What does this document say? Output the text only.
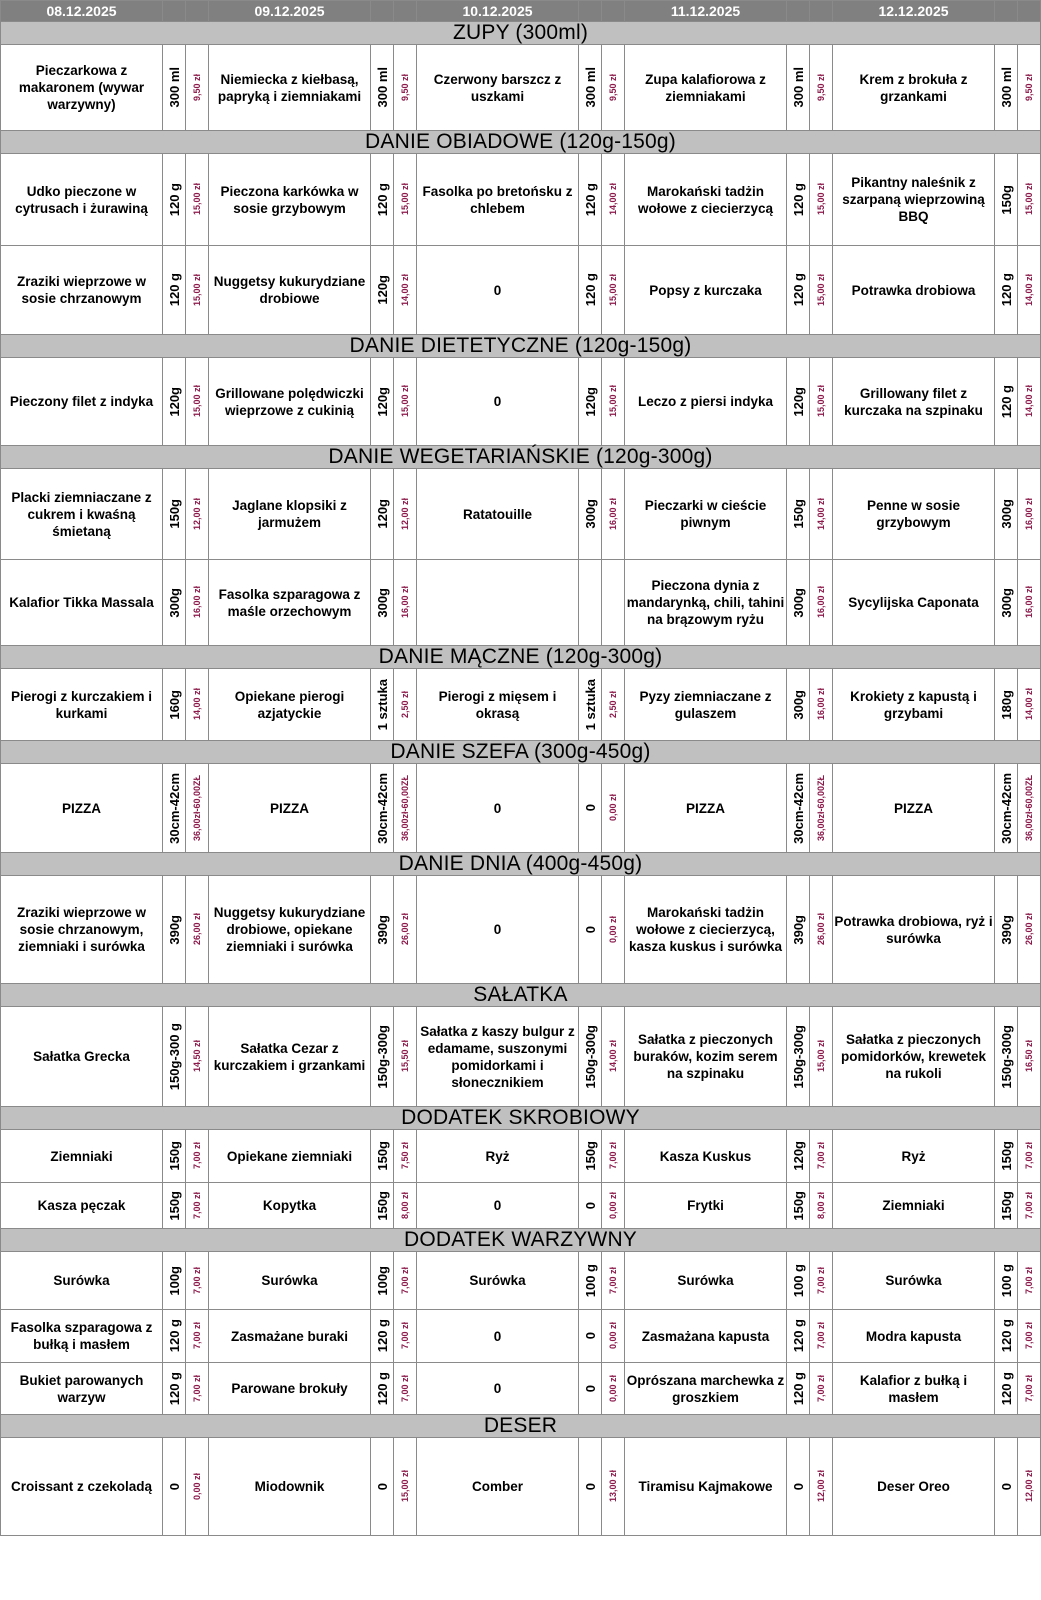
08.12.2025			09.12.2025			10.12.2025			11.12.2025			12.12.2025		
ZUPY (300ml)														
Pieczarkowa z makaronem (wywar warzywny)	300 ml	9,50 zł	Niemiecka z kiełbasą, papryką i ziemniakami	300 ml	9,50 zł	Czerwony barszcz z uszkami	300 ml	9,50 zł	Zupa kalafiorowa z ziemniakami	300 ml	9,50 zł	Krem z brokuła z grzankami	300 ml	9,50 zł

DANIE OBIADOWE (120g-150g)														
Udko pieczone w cytrusach i żurawiną	120 g	15,00 zł	Pieczona karkówka w sosie grzybowym	120 g	15,00 zł	Fasolka po bretońsku z chlebem	120 g	14,00 zł	Marokański tadżin wołowe z ciecierzycą	120 g	15,00 zł	Pikantny naleśnik z szarpaną wieprzowiną BBQ	150g	15,00 zł

Zraziki wieprzowe w sosie chrzanowym	120 g	15,00 zł	Nuggetsy kukurydziane drobiowe	120g	14,00 zł	0	120 g	15,00 zł	Popsy z kurczaka	120 g	15,00 zł	Potrawka drobiowa	120 g	14,00 zł

DANIE DIETETYCZNE (120g-150g)														
Pieczony filet z indyka	120g	15,00 zł	Grillowane polędwiczki wieprzowe z cukinią	120g	15,00 zł	0	120g	15,00 zł	Leczo z piersi indyka	120g	15,00 zł	Grillowany filet z kurczaka na szpinaku	120 g	14,00 zł

DANIE WEGETARIAŃSKIE (120g-300g)														
Placki ziemniaczane z cukrem i kwaśną śmietaną	150g	12,00 zł	Jaglane klopsiki z jarmużem	120g	12,00 zł	Ratatouille	300g	16,00 zł	Pieczarki w cieście piwnym	150g	14,00 zł	Penne w sosie grzybowym	300g	16,00 zł

Kalafior Tikka Massala	300g	16,00 zł	Fasolka szparagowa z maśle orzechowym	300g	16,00 zł				Pieczona dynia z mandarynką, chili, tahini na brązowym ryżu	300g	16,00 zł	Sycylijska Caponata	300g	16,00 zł

DANIE MĄCZNE (120g-300g)														
Pierogi z kurczakiem i kurkami	160g	14,00 zł	Opiekane pierogi azjatyckie	1 sztuka	2,50 zł	Pierogi z mięsem i okrasą	1 sztuka	2,50 zł	Pyzy ziemniaczane z gulaszem	300g	16,00 zł	Krokiety z kapustą i grzybami	180g	14,00 zł

DANIE SZEFA (300g-450g)														
PIZZA	30cm-42cm	36,00zł-60,00ZŁ	PIZZA	30cm-42cm	36,00zł-60,00ZŁ	0	0	0,00 zł	PIZZA	30cm-42cm	36,00zł-60,00ZŁ	PIZZA	30cm-42cm	36,00zł-60,00ZŁ

DANIE DNIA (400g-450g)														
Zraziki wieprzowe w sosie chrzanowym, ziemniaki i surówka	390g	26,00 zł	Nuggetsy kukurydziane drobiowe, opiekane ziemniaki i surówka	390g	26,00 zł	0	0	0,00 zł	Marokański tadżin wołowe z ciecierzycą, kasza kuskus i surówka	390g	26,00 zł	Potrawka drobiowa, ryż i surówka	390g	26,00 zł

SAŁATKA														
Sałatka Grecka	150g-300 g	14,50 zł	Sałatka Cezar z kurczakiem i grzankami	150g-300g	15,50 zł	Sałatka z kaszy bulgur z edamame, suszonymi pomidorkami i słonecznikiem	150g-300g	14,00 zł	Sałatka z pieczonych buraków, kozim serem na szpinaku	150g-300g	15,00 zł	Sałatka z pieczonych pomidorków, krewetek na rukoli	150g-300g	16,50 zł

DODATEK SKROBIOWY														
Ziemniaki	150g	7,00 zł	Opiekane ziemniaki	150g	7,50 zł	Ryż	150g	7,00 zł	Kasza Kuskus	120g	7,00 zł	Ryż	150g	7,00 zł

Kasza pęczak	150g	7,00 zł	Kopytka	150g	8,00 zł	0	0	0,00 zł	Frytki	150g	8,00 zł	Ziemniaki	150g	7,00 zł

DODATEK WARZYWNY														
Surówka	100g	7,00 zł	Surówka	100g	7,00 zł	Surówka	100 g	7,00 zł	Surówka	100 g	7,00 zł	Surówka	100 g	7,00 zł

Fasolka szparagowa z bułką i masłem	120 g	7,00 zł	Zasmażane buraki	120 g	7,00 zł	0	0	0,00 zł	Zasmażana kapusta	120 g	7,00 zł	Modra kapusta	120 g	7,00 zł

Bukiet parowanych warzyw	120 g	7,00 zł	Parowane brokuły	120 g	7,00 zł	0	0	0,00 zł	Oprószana marchewka z groszkiem	120 g	7,00 zł	Kalafior z bułką i masłem	120 g	7,00 zł

DESER														
Croissant z czekoladą	0	0,00 zł	Miodownik	0	15,00 zł	Comber	0	13,00 zł	Tiramisu Kajmakowe	0	12,00 zł	Deser Oreo	0	12,00 zł
